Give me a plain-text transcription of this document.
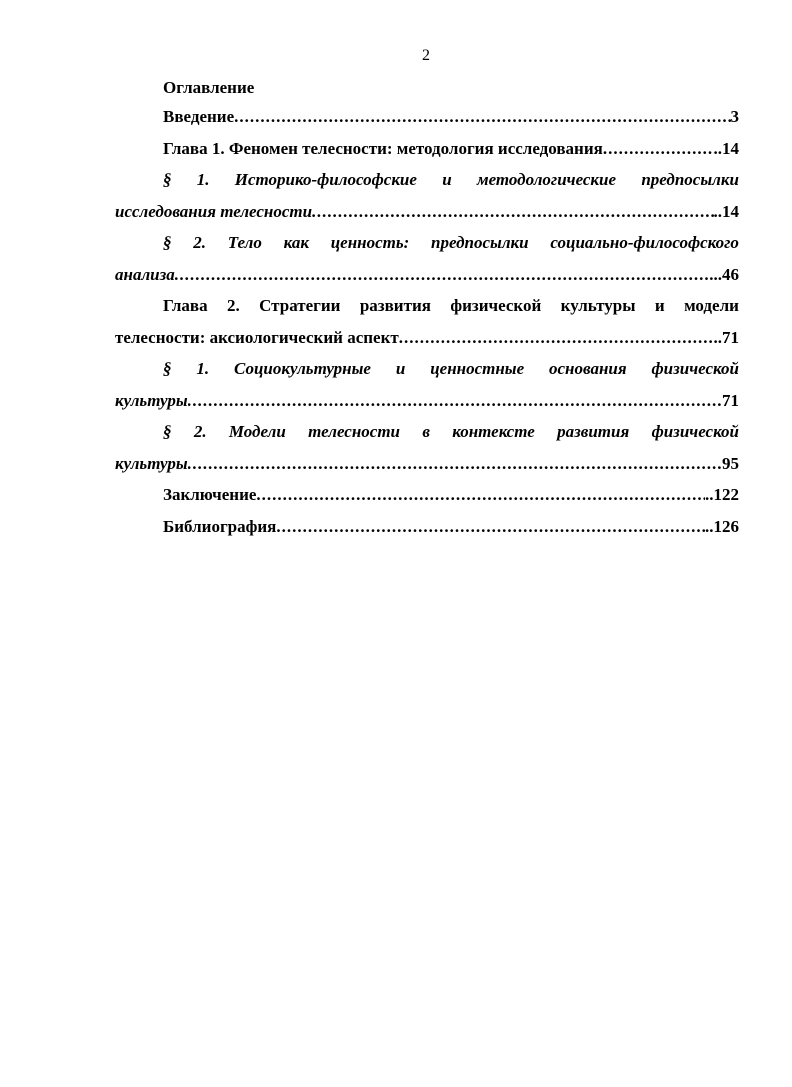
2
Оглавление
Введение .....	3
Глава 1. Феномен телесности: методология исследования .....	..14
§ 1. Историко-философские и методологические предпосылки
исследования телесности .....	..14
§ 2. Тело как ценность: предпосылки социально-философского
анализа .....	...46
Глава 2. Стратегии развития физической культуры и модели
телесности: аксиологический аспект .....	..71
§ 1. Социокультурные и ценностные основания физической
культуры .....	71
§ 2. Модели телесности в контексте развития физической
культуры .....	95
Заключение .....	..122
Библиография .....	..126
